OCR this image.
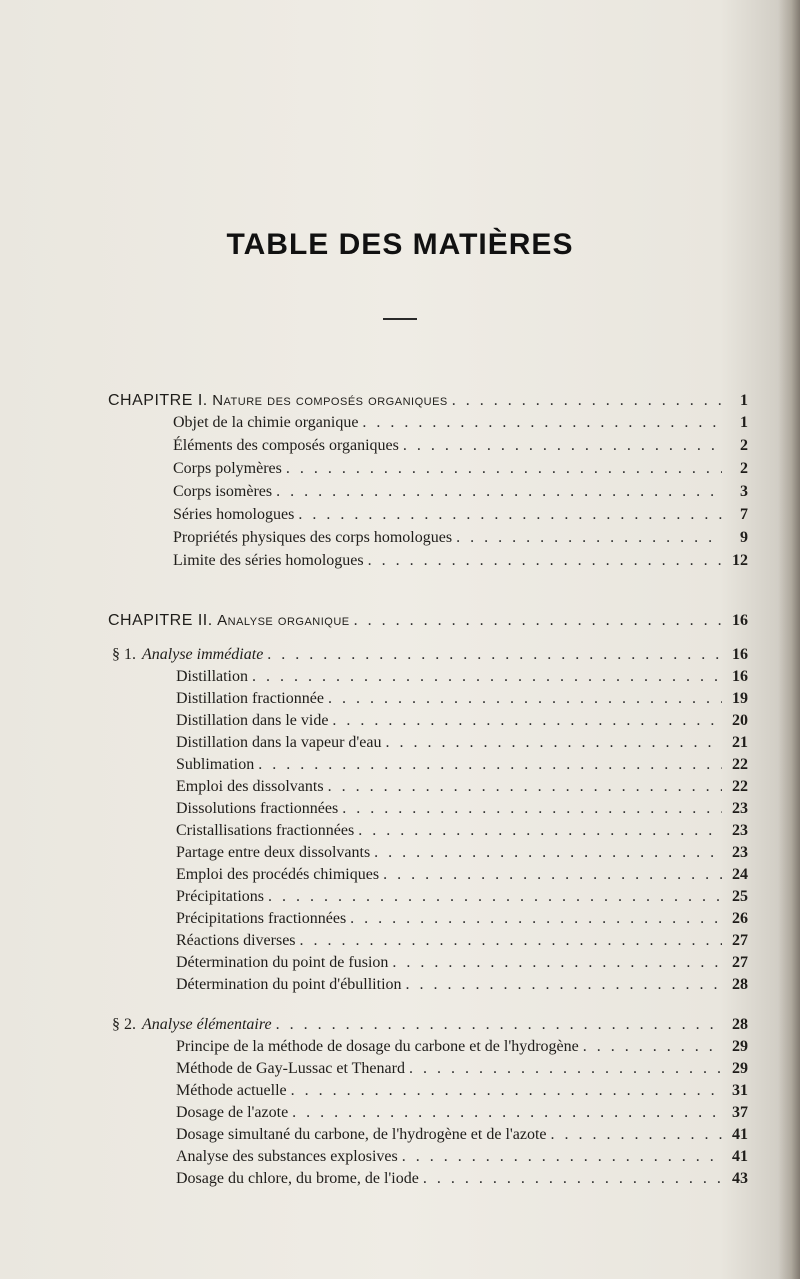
TABLE DES MATIÈRES
CHAPITRE I. Nature des composés organiques . . .	1
Objet de la chimie organique . . .	1
Éléments des composés organiques . . .	2
Corps polymères . . .	2
Corps isomères . . .	3
Séries homologues . . .	7
Propriétés physiques des corps homologues . . .	9
Limite des séries homologues . . .	12
CHAPITRE II. Analyse organique . . .	16
§ 1. Analyse immédiate . . .	16
Distillation . . .	16
Distillation fractionnée . . .	19
Distillation dans le vide . . .	20
Distillation dans la vapeur d'eau . . .	21
Sublimation . . .	22
Emploi des dissolvants . . .	22
Dissolutions fractionnées . . .	23
Cristallisations fractionnées . . .	23
Partage entre deux dissolvants . . .	23
Emploi des procédés chimiques . . .	24
Précipitations . . .	25
Précipitations fractionnées . . .	26
Réactions diverses . . .	27
Détermination du point de fusion . . .	27
Détermination du point d'ébullition . . .	28
§ 2. Analyse élémentaire . . .	28
Principe de la méthode de dosage du carbone et de l'hydrogène . . .	29
Méthode de Gay-Lussac et Thenard . . .	29
Méthode actuelle . . .	31
Dosage de l'azote . . .	37
Dosage simultané du carbone, de l'hydrogène et de l'azote . . .	41
Analyse des substances explosives . . .	41
Dosage du chlore, du brome, de l'iode . . .	43
